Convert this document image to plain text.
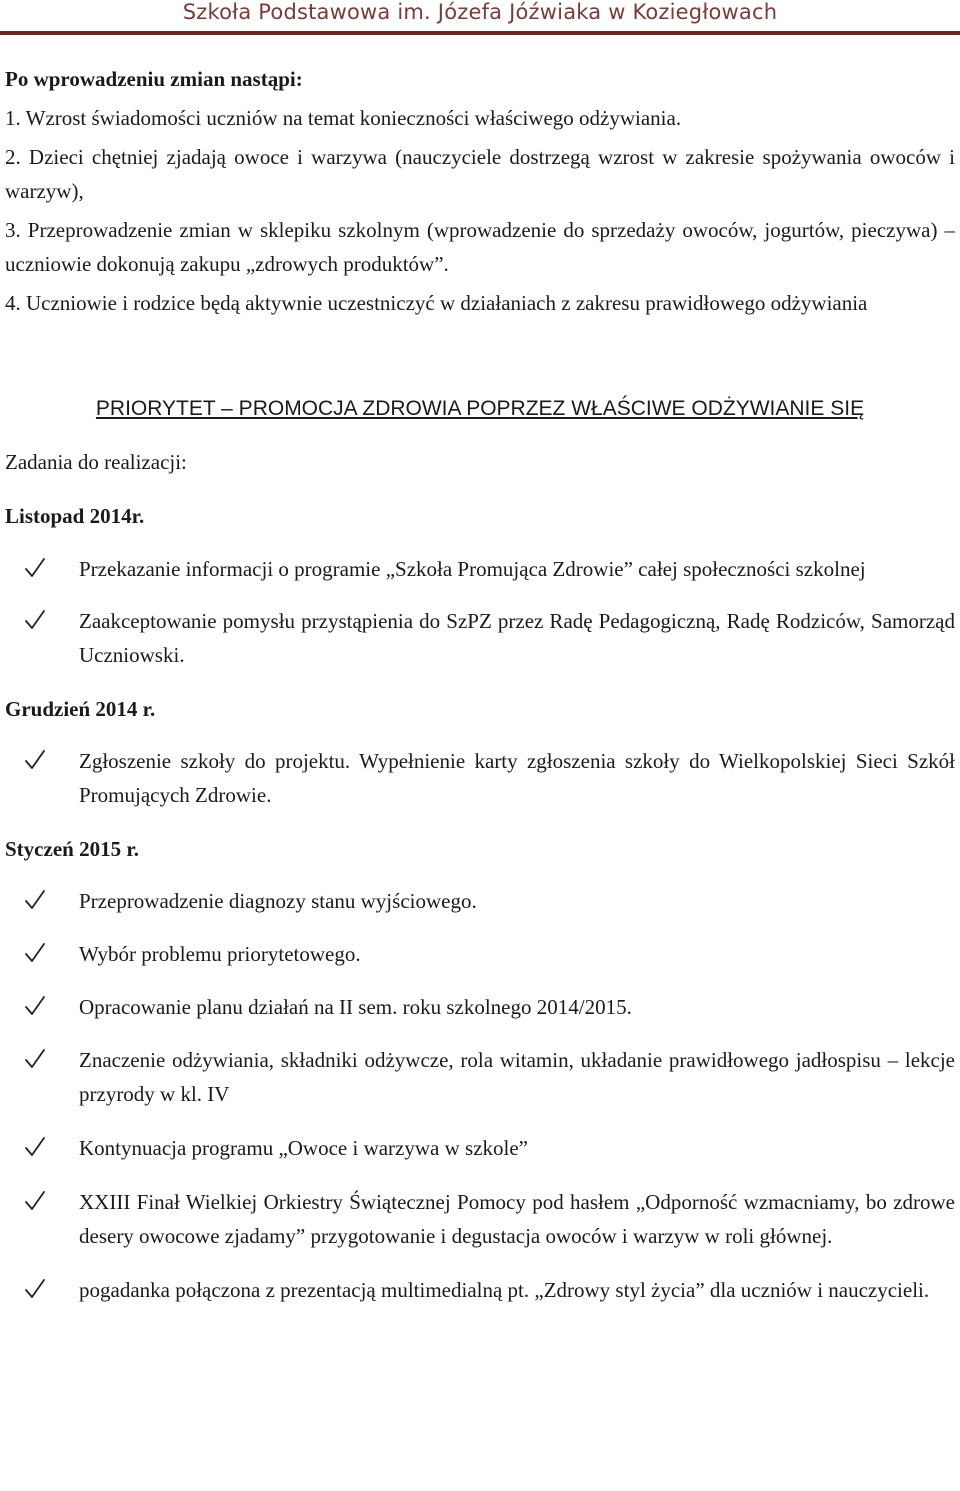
Szkoła Podstawowa im. Józefa Jóźwiaka w Koziegłowach

Po wprowadzeniu zmian nastąpi:

1. Wzrost świadomości uczniów na temat konieczności właściwego odżywiania.

2. Dzieci chętniej zjadają owoce i warzywa (nauczyciele dostrzegą wzrost w zakresie spożywania owoców i warzyw),

3. Przeprowadzenie zmian w sklepiku szkolnym (wprowadzenie do sprzedaży owoców, jogurtów, pieczywa) – uczniowie dokonują zakupu „zdrowych produktów”.

4. Uczniowie i rodzice będą aktywnie uczestniczyć w działaniach z zakresu prawidłowego odżywiania

PRIORYTET – PROMOCJA ZDROWIA POPRZEZ WŁAŚCIWE ODŻYWIANIE SIĘ

Zadania do realizacji:

Listopad 2014r.

Przekazanie informacji o programie „Szkoła Promująca Zdrowie” całej społeczności szkolnej
Zaakceptowanie pomysłu przystąpienia do SzPZ przez Radę Pedagogiczną, Radę Rodziców, Samorząd Uczniowski.

Grudzień 2014 r.

Zgłoszenie szkoły do projektu. Wypełnienie karty zgłoszenia szkoły do Wielkopolskiej Sieci Szkół Promujących Zdrowie.

Styczeń 2015 r.

Przeprowadzenie diagnozy stanu wyjściowego.
Wybór problemu priorytetowego.
Opracowanie planu działań na II sem. roku szkolnego 2014/2015.
Znaczenie odżywiania, składniki odżywcze, rola witamin, układanie prawidłowego jadłospisu – lekcje przyrody w kl. IV
Kontynuacja programu „Owoce i warzywa w szkole”
XXIII Finał Wielkiej Orkiestry Świątecznej Pomocy pod hasłem „Odporność wzmacniamy, bo zdrowe desery owocowe zjadamy” przygotowanie i degustacja owoców i warzyw w roli głównej.
pogadanka połączona z prezentacją multimedialną pt. „Zdrowy styl życia” dla uczniów i nauczycieli.
